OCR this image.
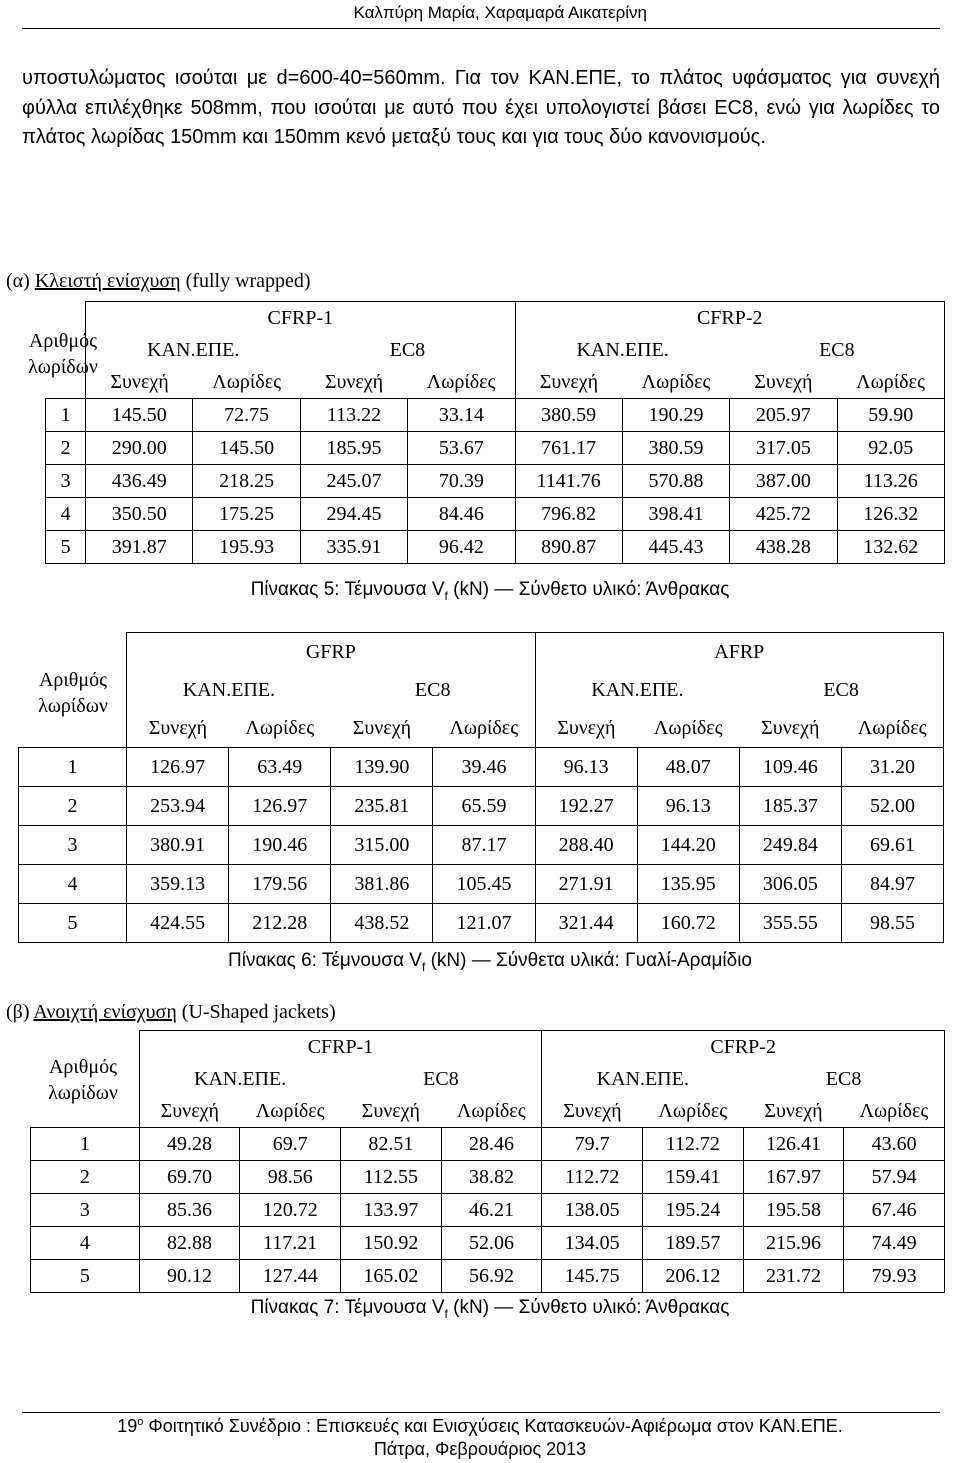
Καλπύρη Μαρία, Χαραμαρά Αικατερίνη
υποστυλώματος ισούται με d=600-40=560mm. Για τον ΚΑΝ.ΕΠΕ, το πλάτος υφάσματος για συνεχή φύλλα επιλέχθηκε 508mm, που ισούται με αυτό που έχει υπολογιστεί βάσει EC8, ενώ για λωρίδες το πλάτος λωρίδας 150mm και 150mm κενό μεταξύ τους και για τους δύο κανονισμούς.
(α) Κλειστή ενίσχυση (fully wrapped)
Αριθμός
λωρίδων
	CFRP-1				CFRP-2			
	ΚΑΝ.ΕΠΕ.		EC8		ΚΑΝ.ΕΠΕ.		EC8	
	Συνεχή	Λωρίδες	Συνεχή	Λωρίδες	Συνεχή	Λωρίδες	Συνεχή	Λωρίδες
1	145.50	72.75	113.22	33.14	380.59	190.29	205.97	59.90
2	290.00	145.50	185.95	53.67	761.17	380.59	317.05	92.05
3	436.49	218.25	245.07	70.39	1141.76	570.88	387.00	113.26
4	350.50	175.25	294.45	84.46	796.82	398.41	425.72	126.32
5	391.87	195.93	335.91	96.42	890.87	445.43	438.28	132.62
Πίνακας 5: Τέμνουσα $V_f$ (kN) — Σύνθετο υλικό: Άνθρακας
Αριθμός
λωρίδων
	GFRP				AFRP			
	ΚΑΝ.ΕΠΕ.		EC8		ΚΑΝ.ΕΠΕ.		EC8	
	Συνεχή	Λωρίδες	Συνεχή	Λωρίδες	Συνεχή	Λωρίδες	Συνεχή	Λωρίδες
1	126.97	63.49	139.90	39.46	96.13	48.07	109.46	31.20
2	253.94	126.97	235.81	65.59	192.27	96.13	185.37	52.00
3	380.91	190.46	315.00	87.17	288.40	144.20	249.84	69.61
4	359.13	179.56	381.86	105.45	271.91	135.95	306.05	84.97
5	424.55	212.28	438.52	121.07	321.44	160.72	355.55	98.55
Πίνακας 6: Τέμνουσα $V_f$ (kN) — Σύνθετα υλικά: Γυαλί-Αραμίδιο
(β) Ανοιχτή ενίσχυση (U-Shaped jackets)
Αριθμός
λωρίδων
	CFRP-1				CFRP-2			
	ΚΑΝ.ΕΠΕ.		EC8		ΚΑΝ.ΕΠΕ.		EC8	
	Συνεχή	Λωρίδες	Συνεχή	Λωρίδες	Συνεχή	Λωρίδες	Συνεχή	Λωρίδες
1	49.28	69.7	82.51	28.46	79.7	112.72	126.41	43.60
2	69.70	98.56	112.55	38.82	112.72	159.41	167.97	57.94
3	85.36	120.72	133.97	46.21	138.05	195.24	195.58	67.46
4	82.88	117.21	150.92	52.06	134.05	189.57	215.96	74.49
5	90.12	127.44	165.02	56.92	145.75	206.12	231.72	79.93
Πίνακας 7: Τέμνουσα $V_f$ (kN) — Σύνθετο υλικό: Άνθρακας
$19^o$ Φοιτητικό Συνέδριο : Επισκευές και Ενισχύσεις Κατασκευών-Αφιέρωμα στον ΚΑΝ.ΕΠΕ.
Πάτρα, Φεβρουάριος 2013
